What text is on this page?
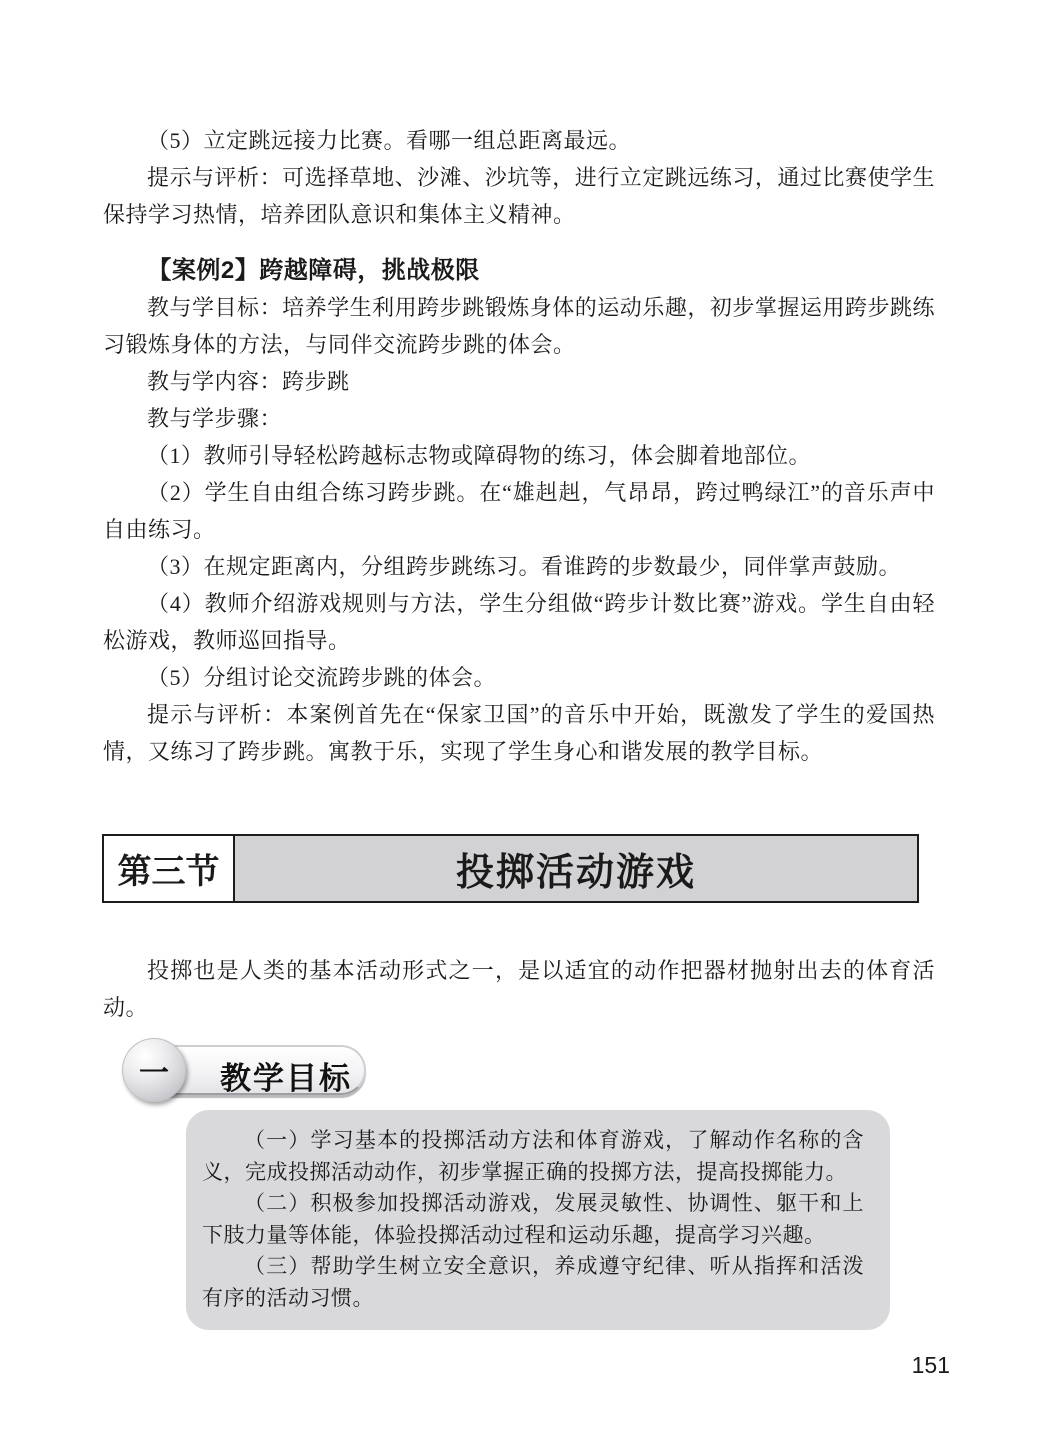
（5）立定跳远接力比赛。看哪一组总距离最远。

提示与评析：可选择草地、沙滩、沙坑等，进行立定跳远练习，通过比赛使学生保持学习热情，培养团队意识和集体主义精神。

【案例2】跨越障碍，挑战极限

教与学目标：培养学生利用跨步跳锻炼身体的运动乐趣，初步掌握运用跨步跳练习锻炼身体的方法，与同伴交流跨步跳的体会。

教与学内容：跨步跳

教与学步骤：

（1）教师引导轻松跨越标志物或障碍物的练习，体会脚着地部位。

（2）学生自由组合练习跨步跳。在“雄赳赳，气昂昂，跨过鸭绿江”的音乐声中自由练习。

（3）在规定距离内，分组跨步跳练习。看谁跨的步数最少，同伴掌声鼓励。

（4）教师介绍游戏规则与方法，学生分组做“跨步计数比赛”游戏。学生自由轻松游戏，教师巡回指导。

（5）分组讨论交流跨步跳的体会。

提示与评析：本案例首先在“保家卫国”的音乐中开始，既激发了学生的爱国热情，又练习了跨步跳。寓教于乐，实现了学生身心和谐发展的教学目标。

第三节	投掷活动游戏

投掷也是人类的基本活动形式之一，是以适宜的动作把器材抛射出去的体育活动。

教学目标
一

（一）学习基本的投掷活动方法和体育游戏，了解动作名称的含义，完成投掷活动动作，初步掌握正确的投掷方法，提高投掷能力。

（二）积极参加投掷活动游戏，发展灵敏性、协调性、躯干和上下肢力量等体能，体验投掷活动过程和运动乐趣，提高学习兴趣。

（三）帮助学生树立安全意识，养成遵守纪律、听从指挥和活泼有序的活动习惯。

151
